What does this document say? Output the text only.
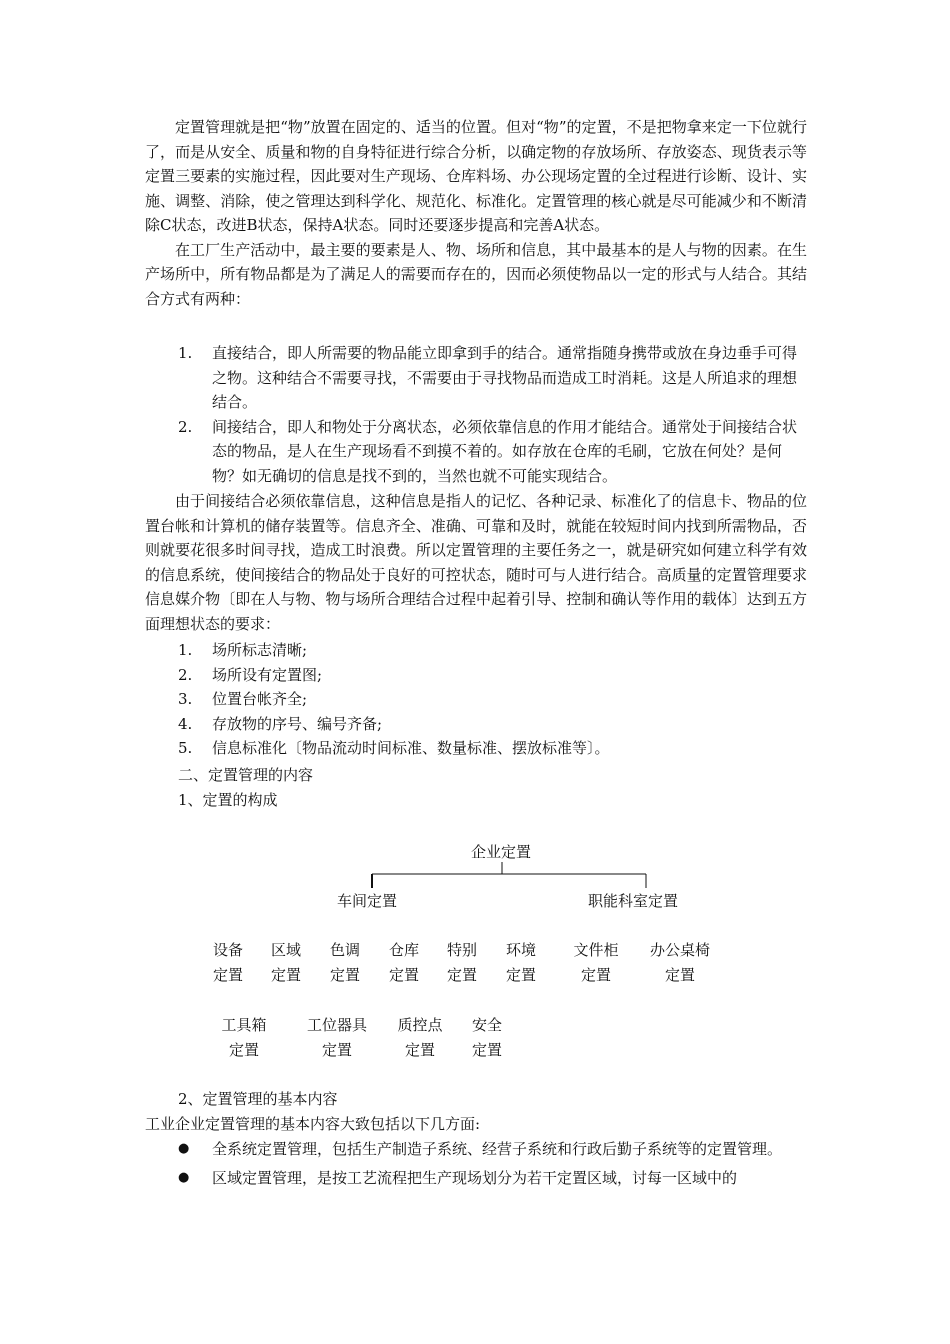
定置管理就是把“物”放置在固定的、适当的位置。但对“物”的定置，不是把物拿来定一下位就行了，而是从安全、质量和物的自身特征进行综合分析，以确定物的存放场所、存放姿态、现货表示等定置三要素的实施过程，因此要对生产现场、仓库料场、办公现场定置的全过程进行诊断、设计、实施、调整、消除，使之管理达到科学化、规范化、标准化。定置管理的核心就是尽可能减少和不断清除C状态，改进B状态，保持A状态。同时还要逐步提高和完善A状态。

在工厂生产活动中，最主要的要素是人、物、场所和信息，其中最基本的是人与物的因素。在生产场所中，所有物品都是为了满足人的需要而存在的，因而必须使物品以一定的形式与人结合。其结合方式有两种：

1. 直接结合，即人所需要的物品能立即拿到手的结合。通常指随身携带或放在身边垂手可得之物。这种结合不需要寻找，不需要由于寻找物品而造成工时消耗。这是人所追求的理想结合。
2. 间接结合，即人和物处于分离状态，必须依靠信息的作用才能结合。通常处于间接结合状态的物品，是人在生产现场看不到摸不着的。如存放在仓库的毛刷，它放在何处？是何物？如无确切的信息是找不到的，当然也就不可能实现结合。

由于间接结合必须依靠信息，这种信息是指人的记忆、各种记录、标准化了的信息卡、物品的位置台帐和计算机的储存装置等。信息齐全、准确、可靠和及时，就能在较短时间内找到所需物品，否则就要花很多时间寻找，造成工时浪费。所以定置管理的主要任务之一，就是研究如何建立科学有效的信息系统，使间接结合的物品处于良好的可控状态，随时可与人进行结合。高质量的定置管理要求信息媒介物〔即在人与物、物与场所合理结合过程中起着引导、控制和确认等作用的载体〕达到五方面理想状态的要求：

1. 场所标志清晰;
2. 场所设有定置图;
3. 位置台帐齐全;
4. 存放物的序号、编号齐备;
5. 信息标准化〔物品流动时间标准、数量标准、摆放标准等〕。
二、定置管理的内容
1、定置的构成
企业定置
车间定置	职能科室定置
设备
定置
区域
定置
色调
定置
仓库
定置
特别
定置
环境
定置
文件柜
定置
办公桌椅
定置
工具箱
定置
工位器具
定置
质控点
定置
安全
定置
2、定置管理的基本内容
工业企业定置管理的基本内容大致包括以下几方面:
● 全系统定置管理，包括生产制造子系统、经营子系统和行政后勤子系统等的定置管理。
● 区域定置管理，是按工艺流程把生产现场划分为若干定置区域，讨每一区域中的
